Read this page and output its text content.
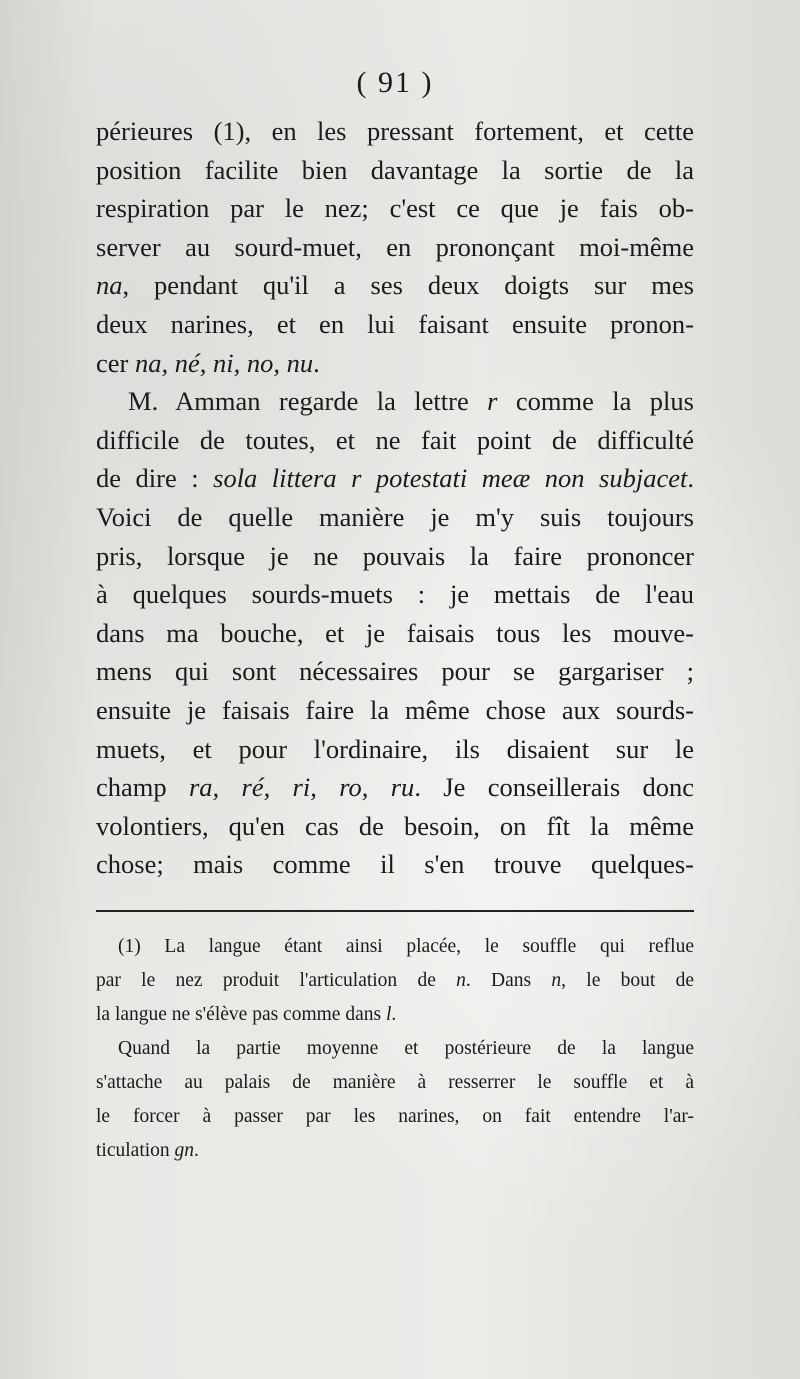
( 91 )
périeures (1), en les pressant fortement, et cette
position facilite bien davantage la sortie de la
respiration par le nez; c'est ce que je fais ob-
server au sourd-muet, en prononçant moi-même
na, pendant qu'il a ses deux doigts sur mes
deux narines, et en lui faisant ensuite pronon-
cer na, né, ni, no, nu.
M. Amman regarde la lettre r comme la plus
difficile de toutes, et ne fait point de difficulté
de dire : sola littera r potestati meæ non subjacet.
Voici de quelle manière je m'y suis toujours
pris, lorsque je ne pouvais la faire prononcer
à quelques sourds-muets : je mettais de l'eau
dans ma bouche, et je faisais tous les mouve-
mens qui sont nécessaires pour se gargariser ;
ensuite je faisais faire la même chose aux sourds-
muets, et pour l'ordinaire, ils disaient sur le
champ ra, ré, ri, ro, ru. Je conseillerais donc
volontiers, qu'en cas de besoin, on fît la même
chose; mais comme il s'en trouve quelques-
(1) La langue étant ainsi placée, le souffle qui reflue
par le nez produit l'articulation de n. Dans n, le bout de
la langue ne s'élève pas comme dans l.
Quand la partie moyenne et postérieure de la langue
s'attache au palais de manière à resserrer le souffle et à
le forcer à passer par les narines, on fait entendre l'ar-
ticulation gn.
